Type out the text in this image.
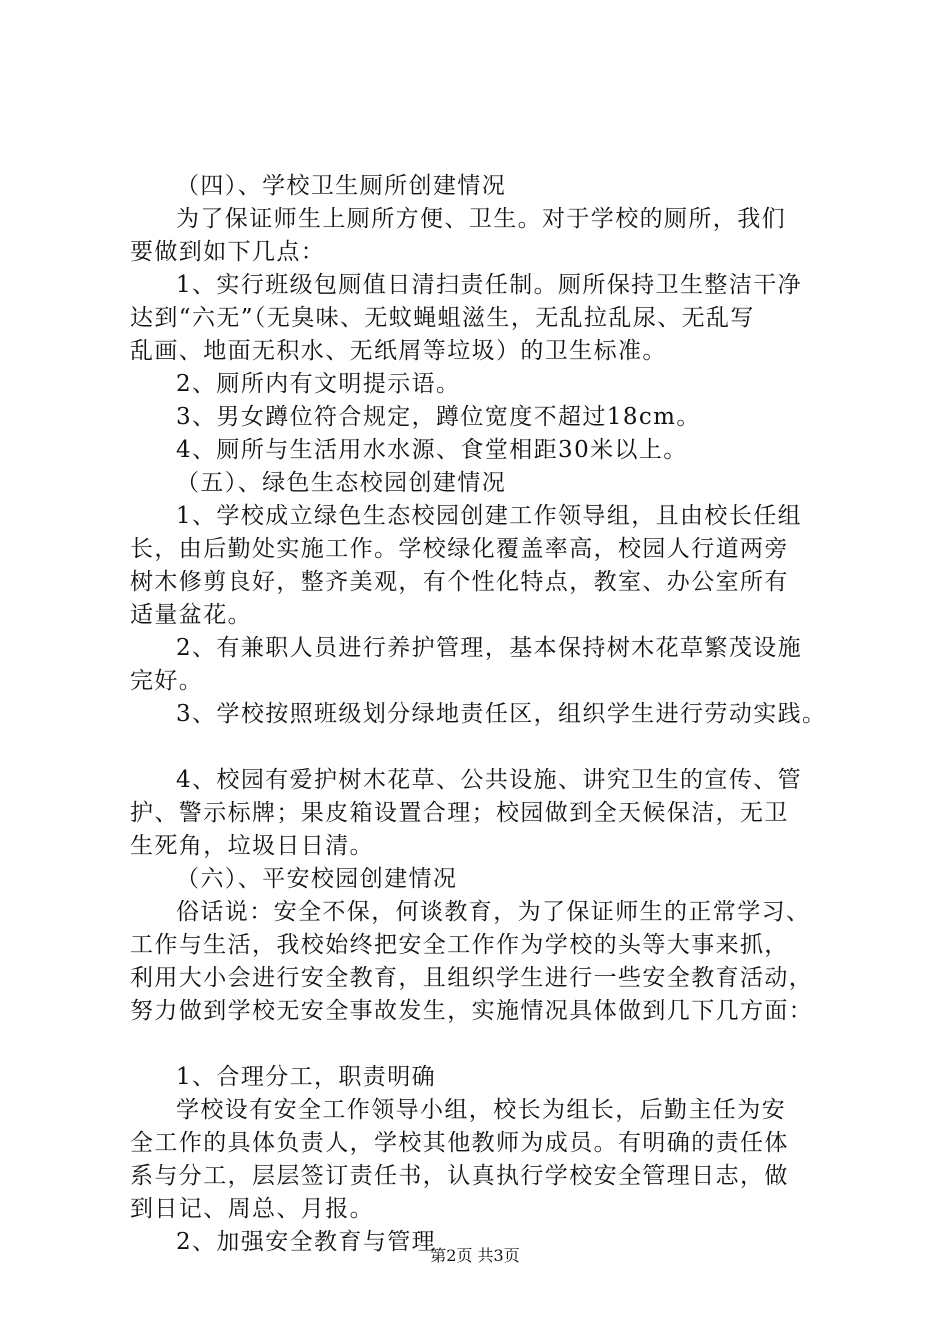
（四）、学校卫生厕所创建情况
为了保证师生上厕所方便、卫生。对于学校的厕所，我们
要做到如下几点：
1、实行班级包厕值日清扫责任制。厕所保持卫生整洁干净
达到“六无”（无臭味、无蚊蝇蛆滋生，无乱拉乱尿、无乱写
乱画、地面无积水、无纸屑等垃圾）的卫生标准。
2、厕所内有文明提示语。
3、男女蹲位符合规定，蹲位宽度不超过18cm。
4、厕所与生活用水水源、食堂相距30米以上。
（五）、绿色生态校园创建情况
1、学校成立绿色生态校园创建工作领导组，且由校长任组
长，由后勤处实施工作。学校绿化覆盖率高，校园人行道两旁
树木修剪良好，整齐美观，有个性化特点，教室、办公室所有
适量盆花。
2、有兼职人员进行养护管理，基本保持树木花草繁茂设施
完好。
3、学校按照班级划分绿地责任区，组织学生进行劳动实践。
4、校园有爱护树木花草、公共设施、讲究卫生的宣传、管
护、警示标牌；果皮箱设置合理；校园做到全天候保洁，无卫
生死角，垃圾日日清。
（六）、平安校园创建情况
俗话说：安全不保，何谈教育，为了保证师生的正常学习、
工作与生活，我校始终把安全工作作为学校的头等大事来抓，
利用大小会进行安全教育，且组织学生进行一些安全教育活动，
努力做到学校无安全事故发生，实施情况具体做到几下几方面：
1、合理分工，职责明确
学校设有安全工作领导小组，校长为组长，后勤主任为安
全工作的具体负责人，学校其他教师为成员。有明确的责任体
系与分工，层层签订责任书，认真执行学校安全管理日志，做
到日记、周总、月报。
2、加强安全教育与管理
第2页 共3页
